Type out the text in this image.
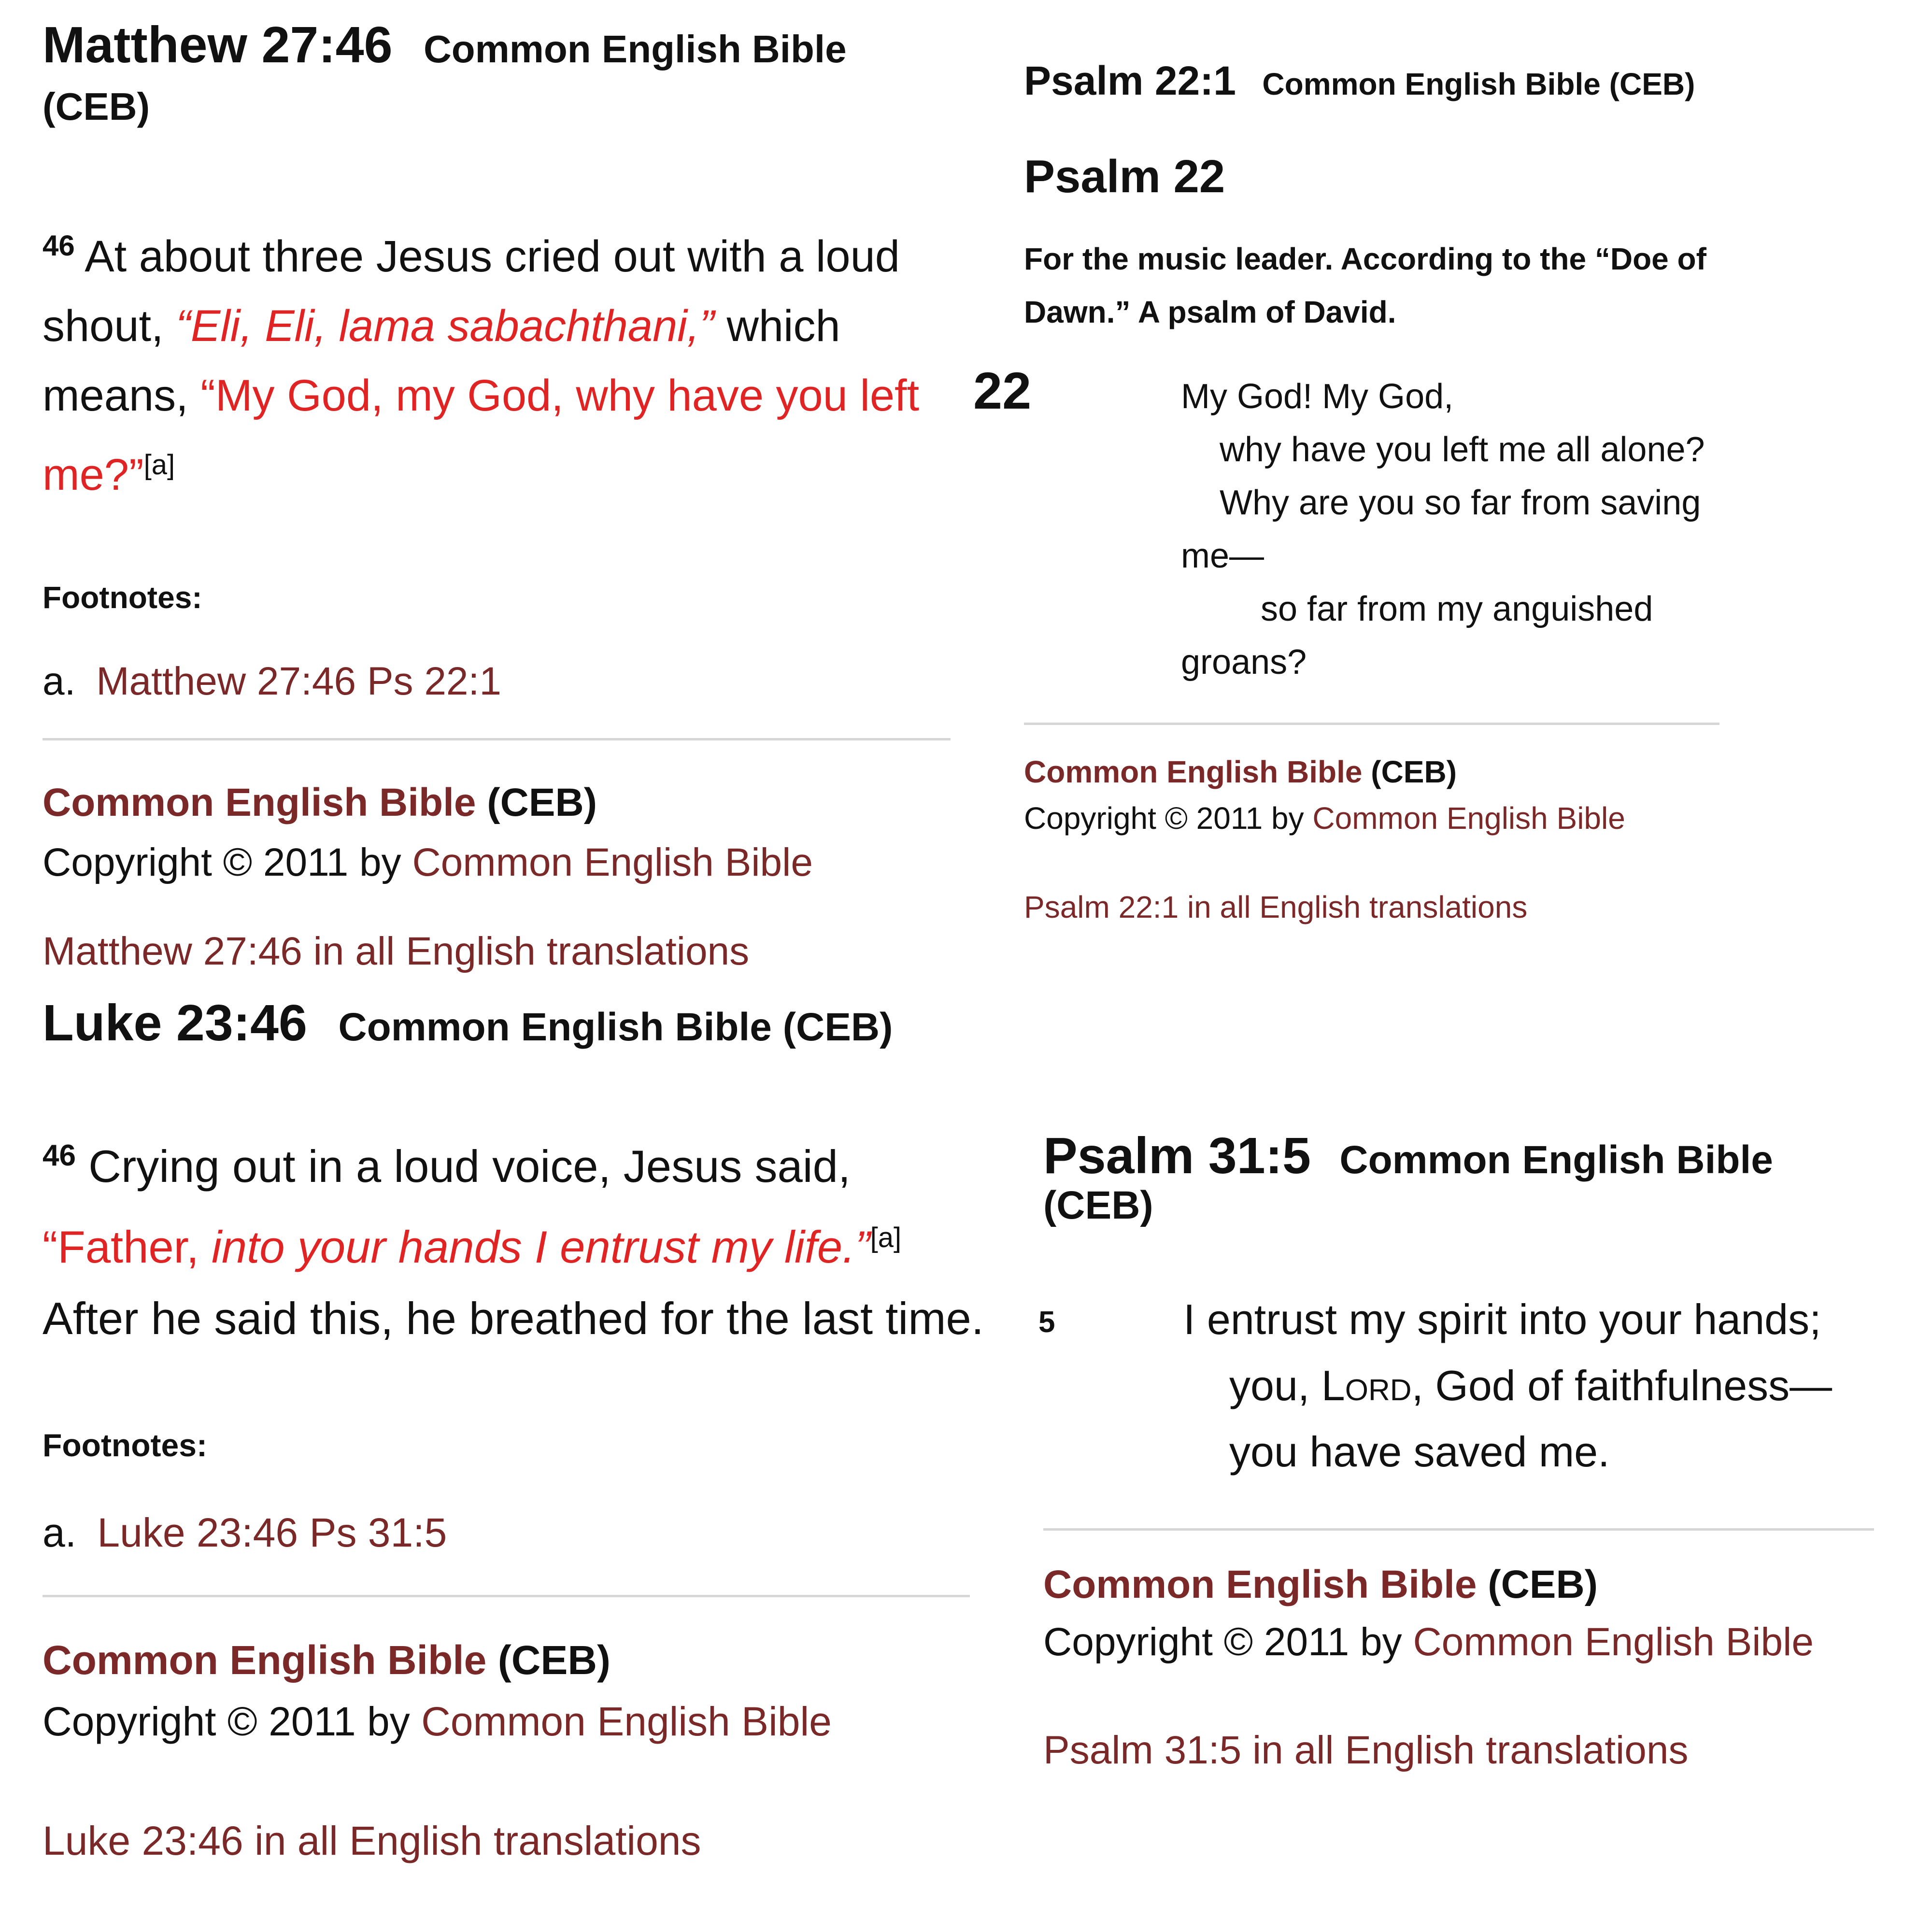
Matthew 27:46 Common English Bible (CEB)
$^{46}$ At about three Jesus cried out with a loud shout, “Eli, Eli, lama sabachthani,” which means, “My God, my God, why have you left me?”[a]
Footnotes:
a. Matthew 27:46 Ps 22:1
Common English Bible (CEB)
Copyright © 2011 by Common English Bible
Matthew 27:46 in all English translations
Luke 23:46 Common English Bible (CEB)
$^{46}$ Crying out in a loud voice, Jesus said, “Father, into your hands I entrust my life.”[a] After he said this, he breathed for the last time.
Footnotes:
a. Luke 23:46 Ps 31:5
Common English Bible (CEB)
Copyright © 2011 by Common English Bible
Luke 23:46 in all English translations
Psalm 22:1 Common English Bible (CEB)
Psalm 22
For the music leader. According to the “Doe of Dawn.” A psalm of David.
22	My God! My God,
why have you left me all alone?
Why are you so far from saving
me—
so far from my anguished
groans?
Common English Bible (CEB)
Copyright © 2011 by Common English Bible
Psalm 22:1 in all English translations
Psalm 31:5 Common English Bible (CEB)
5	I entrust my spirit into your hands;
you, Lord, God of faithfulness—
you have saved me.
Common English Bible (CEB)
Copyright © 2011 by Common English Bible
Psalm 31:5 in all English translations
